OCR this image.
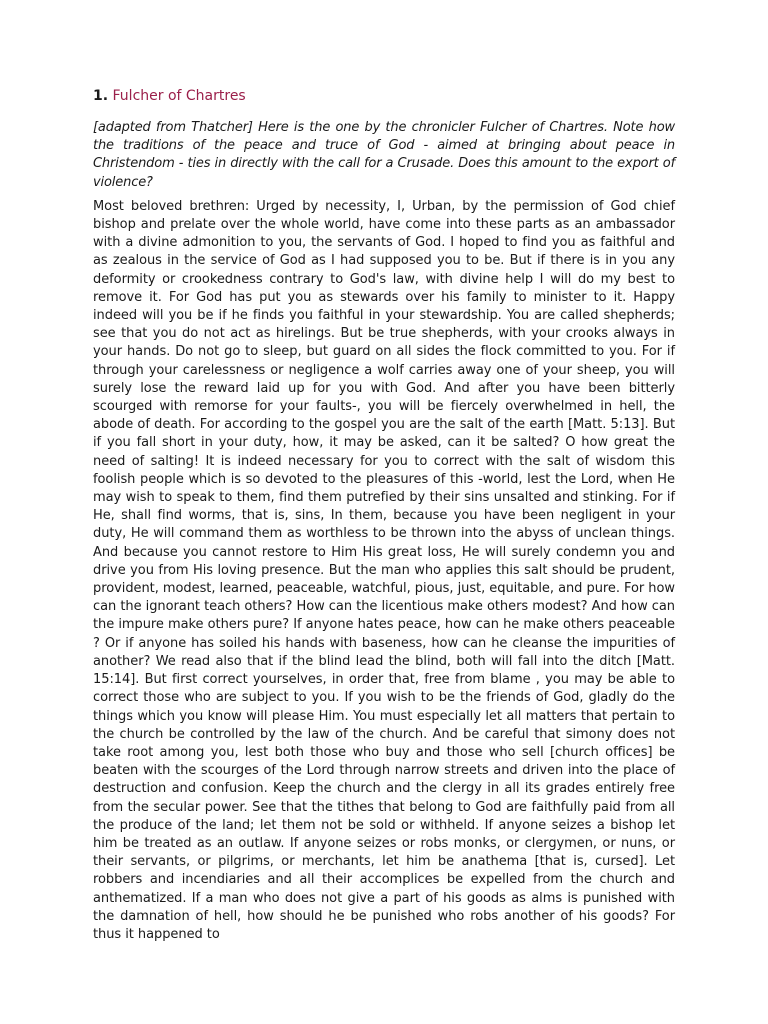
1. Fulcher of Chartres

[adapted from Thatcher] Here is the one by the chronicler Fulcher of Chartres. Note how the traditions of the peace and truce of God - aimed at bringing about peace in Christendom - ties in directly with the call for a Crusade. Does this amount to the export of violence?

Most beloved brethren: Urged by necessity, I, Urban, by the permission of God chief bishop and prelate over the whole world, have come into these parts as an ambassador with a divine admonition to you, the servants of God. I hoped to find you as faithful and as zealous in the service of God as I had supposed you to be. But if there is in you any deformity or crookedness contrary to God's law, with divine help I will do my best to remove it. For God has put you as stewards over his family to minister to it. Happy indeed will you be if he finds you faithful in your stewardship. You are called shepherds; see that you do not act as hirelings. But be true shepherds, with your crooks always in your hands. Do not go to sleep, but guard on all sides the flock committed to you. For if through your carelessness or negligence a wolf carries away one of your sheep, you will surely lose the reward laid up for you with God. And after you have been bitterly scourged with remorse for your faults-, you will be fiercely overwhelmed in hell, the abode of death. For according to the gospel you are the salt of the earth [Matt. 5:13]. But if you fall short in your duty, how, it may be asked, can it be salted? O how great the need of salting! It is indeed necessary for you to correct with the salt of wisdom this foolish people which is so devoted to the pleasures of this -world, lest the Lord, when He may wish to speak to them, find them putrefied by their sins unsalted and stinking. For if He, shall find worms, that is, sins, In them, because you have been negligent in your duty, He will command them as worthless to be thrown into the abyss of unclean things. And because you cannot restore to Him His great loss, He will surely condemn you and drive you from His loving presence. But the man who applies this salt should be prudent, provident, modest, learned, peaceable, watchful, pious, just, equitable, and pure. For how can the ignorant teach others? How can the licentious make others modest? And how can the impure make others pure? If anyone hates peace, how can he make others peaceable ? Or if anyone has soiled his hands with baseness, how can he cleanse the impurities of another? We read also that if the blind lead the blind, both will fall into the ditch [Matt. 15:14]. But first correct yourselves, in order that, free from blame , you may be able to correct those who are subject to you. If you wish to be the friends of God, gladly do the things which you know will please Him. You must especially let all matters that pertain to the church be controlled by the law of the church. And be careful that simony does not take root among you, lest both those who buy and those who sell [church offices] be beaten with the scourges of the Lord through narrow streets and driven into the place of destruction and confusion. Keep the church and the clergy in all its grades entirely free from the secular power. See that the tithes that belong to God are faithfully paid from all the produce of the land; let them not be sold or withheld. If anyone seizes a bishop let him be treated as an outlaw. If anyone seizes or robs monks, or clergymen, or nuns, or their servants, or pilgrims, or merchants, let him be anathema [that is, cursed]. Let robbers and incendiaries and all their accomplices be expelled from the church and anthematized. If a man who does not give a part of his goods as alms is punished with the damnation of hell, how should he be punished who robs another of his goods? For thus it happened to
